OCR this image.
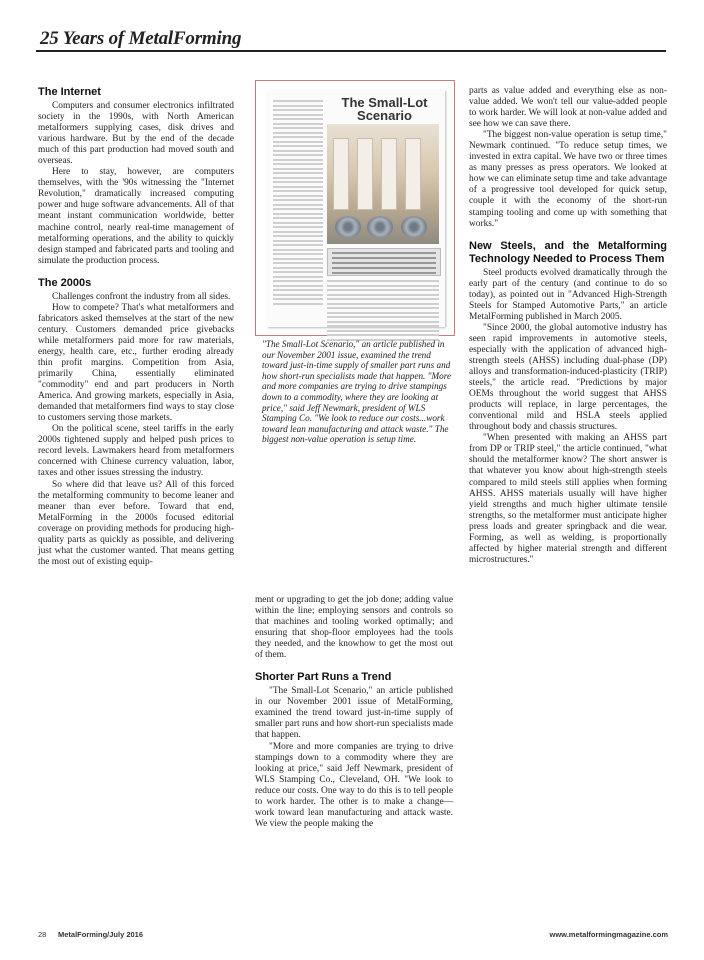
25 Years of MetalForming
The Internet

Computers and consumer electronics infiltrated society in the 1990s, with North American metalformers supplying cases, disk drives and various hardware. But by the end of the decade much of this part production had moved south and overseas.

Here to stay, however, are computers themselves, with the '90s witnessing the "Internet Revolution," dramatically increased computing power and huge software advancements. All of that meant instant communication worldwide, better machine control, nearly real-time management of metalforming operations, and the ability to quickly design stamped and fabricated parts and tooling and simulate the production process.

The 2000s

Challenges confront the industry from all sides.

How to compete? That's what metalformers and fabricators asked themselves at the start of the new century. Customers demanded price givebacks while metalformers paid more for raw materials, energy, health care, etc., further eroding already thin profit margins. Competition from Asia, primarily China, essentially eliminated "commodity" end and part producers in North America. And growing markets, especially in Asia, demanded that metalformers find ways to stay close to customers serving those markets.

On the political scene, steel tariffs in the early 2000s tightened supply and helped push prices to record levels. Lawmakers heard from metalformers concerned with Chinese currency valuation, labor, taxes and other issues stressing the industry.

So where did that leave us? All of this forced the metalforming community to become leaner and meaner than ever before. Toward that end, MetalForming in the 2000s focused editorial coverage on providing methods for producing high-quality parts as quickly as possible, and delivering just what the customer wanted. That means getting the most out of existing equip-

The Small-Lot Scenario
"The Small-Lot Scenario," an article published in our November 2001 issue, examined the trend toward just-in-time supply of smaller part runs and how short-run specialists made that happen. "More and more companies are trying to drive stampings down to a commodity, where they are looking at price," said Jeff Newmark, president of WLS Stamping Co. "We look to reduce our costs...work toward lean manufacturing and attack waste." The biggest non-value operation is setup time.

ment or upgrading to get the job done; adding value within the line; employing sensors and controls so that machines and tooling worked optimally; and ensuring that shop-floor employees had the tools they needed, and the knowhow to get the most out of them.

Shorter Part Runs a Trend

"The Small-Lot Scenario," an article published in our November 2001 issue of MetalForming, examined the trend toward just-in-time supply of smaller part runs and how short-run specialists made that happen.

"More and more companies are trying to drive stampings down to a commodity where they are looking at price," said Jeff Newmark, president of WLS Stamping Co., Cleveland, OH. "We look to reduce our costs. One way to do this is to tell people to work harder. The other is to make a change—work toward lean manufacturing and attack waste. We view the people making the

parts as value added and everything else as non-value added. We won't tell our value-added people to work harder. We will look at non-value added and see how we can save there.

"The biggest non-value operation is setup time," Newmark continued. "To reduce setup times, we invested in extra capital. We have two or three times as many presses as press operators. We looked at how we can eliminate setup time and take advantage of a progressive tool developed for quick setup, couple it with the economy of the short-run stamping tooling and come up with something that works."

New Steels, and the Metalforming Technology Needed to Process Them

Steel products evolved dramatically through the early part of the century (and continue to do so today), as pointed out in "Advanced High-Strength Steels for Stamped Automotive Parts," an article MetalForming published in March 2005.

"Since 2000, the global automotive industry has seen rapid improvements in automotive steels, especially with the application of advanced high-strength steels (AHSS) including dual-phase (DP) alloys and transformation-induced-plasticity (TRIP) steels," the article read. "Predictions by major OEMs throughout the world suggest that AHSS products will replace, in large percentages, the conventional mild and HSLA steels applied throughout body and chassis structures.

"When presented with making an AHSS part from DP or TRIP steel," the article continued, "what should the metalformer know? The short answer is that whatever you know about high-strength steels compared to mild steels still applies when forming AHSS. AHSS materials usually will have higher yield strengths and much higher ultimate tensile strengths, so the metalformer must anticipate higher press loads and greater springback and die wear. Forming, as well as welding, is proportionally affected by higher material strength and different microstructures."

28 MetalForming/July 2016	www.metalformingmagazine.com
